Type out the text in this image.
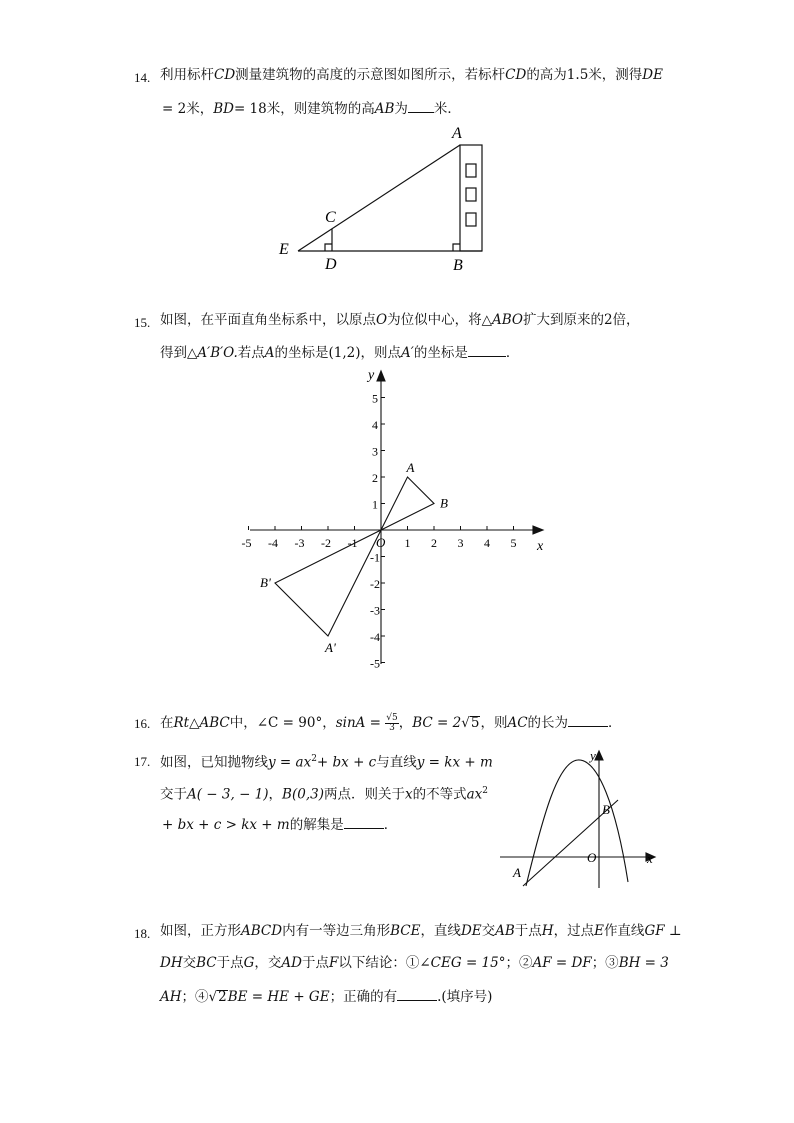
14. 利用标杆CD测量建筑物的高度的示意图如图所示，若标杆CD的高为1.5米，测得DE
= 2米，BD= 18米，则建筑物的高AB为 米．
A
B
C
D
E
15. 如图，在平面直角坐标系中，以原点O为位似中心，将△ABO扩大到原来的2倍，
得到△A′B′O.若点A的坐标是(1,2)，则点A′的坐标是	．
-5 -4 -3 -2 -1	1 2 3 4 5
5
4
3
2
1
-1
-2
-3
-4
-5
y
x
O
A
B
A'
B'
16. 在Rt△ABC中，∠C = 90°，$\sin A = \frac{√5}{3}$ ，BC = 2√5，则AC的长为	．
17. 如图，已知抛物线$y = ax^2+$ bx + c与直线y = kx + m
交于A( − 3, − 1)，B(0,3)两点．则关于x的不等式$ax^2$
+ bx + c > kx + m的解集是	．
y
x
O
A
B
18. 如图，正方形ABCD内有一等边三角形BCE，直线DE交AB于点H，过点E作直线GF ⊥
DH交BC于点G，交AD于点F以下结论：①∠CEG = 15°；②AF = DF；③BH = 3
AH；④√2BE = HE + GE；正确的有	.(填序号)
